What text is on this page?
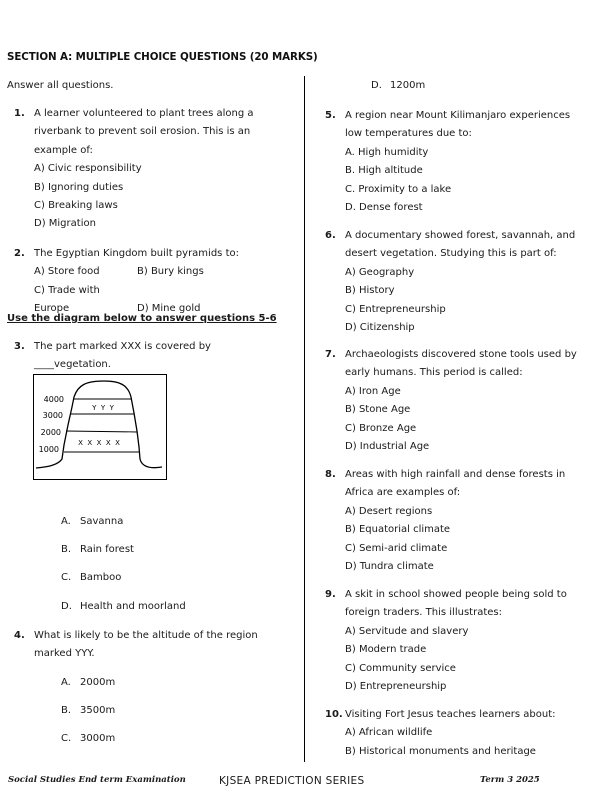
SECTION A: MULTIPLE CHOICE QUESTIONS (20 MARKS)
Answer all questions.
1. A learner volunteered to plant trees along a
riverbank to prevent soil erosion. This is an
example of:
A) Civic responsibility
B) Ignoring duties
C) Breaking laws
D) Migration
2. The Egyptian Kingdom built pyramids to:
A) Store food	B) Bury kings
C) Trade with Europe	D) Mine gold
Use the diagram below to answer questions 5-6
3. The part marked XXX is covered by
____vegetation.
4000
3000
2000
1000
Y  Y  Y
X  X  X  X  X
A. Savanna
B. Rain forest
C. Bamboo
D. Health and moorland
4. What is likely to be the altitude of the region
marked YYY.
A. 2000m
B. 3500m
C. 3000m
D. 1200m
5. A region near Mount Kilimanjaro experiences
low temperatures due to:
A. High humidity
B. High altitude
C. Proximity to a lake
D. Dense forest
6. A documentary showed forest, savannah, and
desert vegetation. Studying this is part of:
A) Geography
B) History
C) Entrepreneurship
D) Citizenship
7. Archaeologists discovered stone tools used by
early humans. This period is called:
A) Iron Age
B) Stone Age
C) Bronze Age
D) Industrial Age
8. Areas with high rainfall and dense forests in
Africa are examples of:
A) Desert regions
B) Equatorial climate
C) Semi-arid climate
D) Tundra climate
9. A skit in school showed people being sold to
foreign traders. This illustrates:
A) Servitude and slavery
B) Modern trade
C) Community service
D) Entrepreneurship
10. Visiting Fort Jesus teaches learners about:
A) African wildlife
B) Historical monuments and heritage
Social Studies End term Examination	KJSEA PREDICTION SERIES	Term 3 2025
